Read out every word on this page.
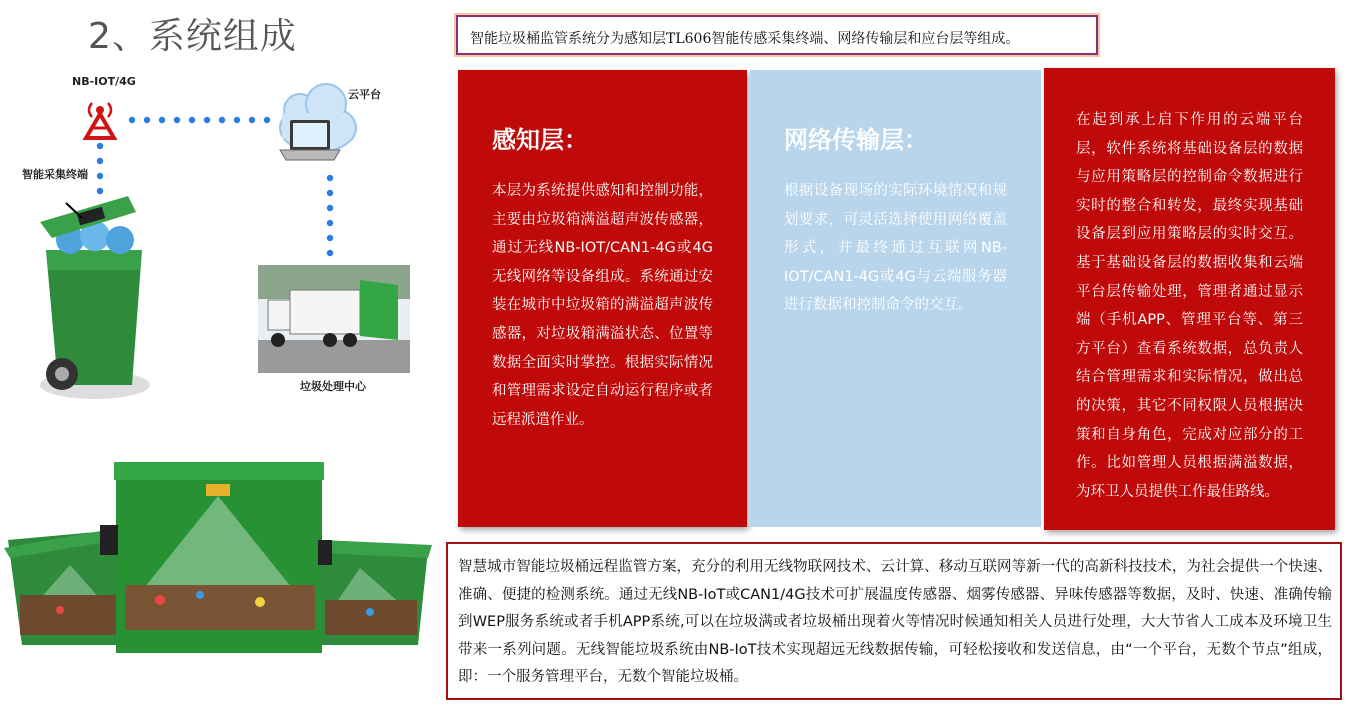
2、系统组成
NB-IOT/4G
云平台
智能采集终端
垃圾处理中心
智能垃圾桶监管系统分为感知层TL606智能传感采集终端、网络传输层和应台层等组成。
感知层：
本层为系统提供感知和控制功能，主要由垃圾箱满溢超声波传感器，通过无线NB-IOT/CAN1-4G或4G无线网络等设备组成。系统通过安装在城市中垃圾箱的满溢超声波传感器，对垃圾箱满溢状态、位置等数据全面实时掌控。根据实际情况和管理需求设定自动运行程序或者远程派遣作业。
网络传输层：
根据设备现场的实际环境情况和规划要求，可灵活选择使用网络覆盖形式，并最终通过互联网NB-IOT/CAN1-4G或4G与云端服务器进行数据和控制命令的交互。
在起到承上启下作用的云端平台层，软件系统将基础设备层的数据与应用策略层的控制命令数据进行实时的整合和转发，最终实现基础设备层到应用策略层的实时交互。基于基础设备层的数据收集和云端平台层传输处理，管理者通过显示端（手机APP、管理平台等、第三方平台）查看系统数据，总负责人结合管理需求和实际情况，做出总的决策，其它不同权限人员根据决策和自身角色，完成对应部分的工作。比如管理人员根据满溢数据，为环卫人员提供工作最佳路线。
智慧城市智能垃圾桶远程监管方案，充分的利用无线物联网技术、云计算、移动互联网等新一代的高新科技技术，为社会提供一个快速、准确、便捷的检测系统。通过无线NB-IoT或CAN1/4G技术可扩展温度传感器、烟雾传感器、异味传感器等数据，及时、快速、准确传输到WEP服务系统或者手机APP系统,可以在垃圾满或者垃圾桶出现着火等情况时候通知相关人员进行处理，大大节省人工成本及环境卫生带来一系列问题。无线智能垃圾系统由NB-IoT技术实现超远无线数据传输，可轻松接收和发送信息，由“一个平台，无数个节点”组成，即：一个服务管理平台，无数个智能垃圾桶。
